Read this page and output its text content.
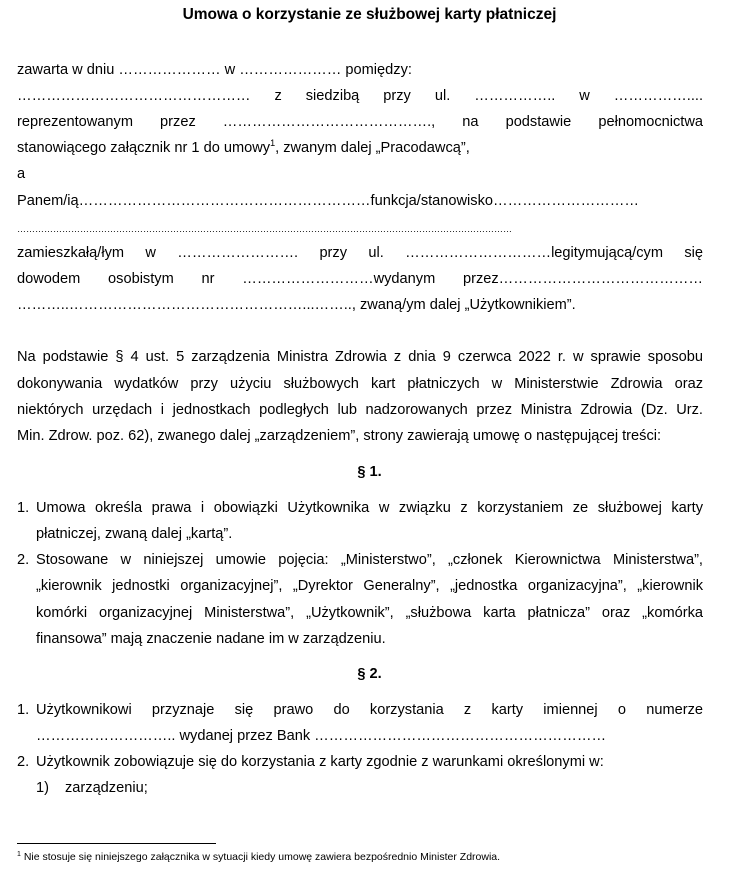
Umowa o korzystanie ze służbowej karty płatniczej
zawarta w dniu ………………… w ………………… pomiędzy:
………………………………………… z siedzibą przy ul. …………….. w ……………....
reprezentowanym przez ……………………………………., na podstawie pełnomocnictwa
stanowiącego załącznik nr 1 do umowy$^1$, zwanym dalej „Pracodawcą”,
a
Panem/ią……………………………………………………funkcja/stanowisko…………………………
…………………………………………………………………………………………………………………………………………………
zamieszkałą/łym w ……………………. przy ul. …………………………legitymującą/cym się
dowodem osobistym nr ………………………wydanym przez……………………………………
………..…………………………………………...…….., zwaną/ym dalej „Użytkownikiem”.
Na podstawie § 4 ust. 5 zarządzenia Ministra Zdrowia z dnia 9 czerwca 2022 r. w sprawie sposobu
dokonywania wydatków przy użyciu służbowych kart płatniczych w Ministerstwie Zdrowia oraz
niektórych urzędach i jednostkach podległych lub nadzorowanych przez Ministra Zdrowia (Dz. Urz.
Min. Zdrow. poz. 62), zwanego dalej „zarządzeniem”, strony zawierają umowę o następującej treści:
§ 1.
1. Umowa określa prawa i obowiązki Użytkownika w związku z korzystaniem ze służbowej karty
płatniczej, zwaną dalej „kartą”.
2. Stosowane w niniejszej umowie pojęcia: „Ministerstwo”, „członek Kierownictwa Ministerstwa”,
„kierownik jednostki organizacyjnej”, „Dyrektor Generalny”, „jednostka organizacyjna”, „kierownik
komórki organizacyjnej Ministerstwa”, „Użytkownik”, „służbowa karta płatnicza” oraz „komórka
finansowa” mają znaczenie nadane im w zarządzeniu.
§ 2.
1. Użytkownikowi przyznaje się prawo do korzystania z karty imiennej o numerze
……………………….. wydanej przez Bank ……………………………………………………
2. Użytkownik zobowiązuje się do korzystania z karty zgodnie z warunkami określonymi w:
1) zarządzeniu;
$^1$ Nie stosuje się niniejszego załącznika w sytuacji kiedy umowę zawiera bezpośrednio Minister Zdrowia.
